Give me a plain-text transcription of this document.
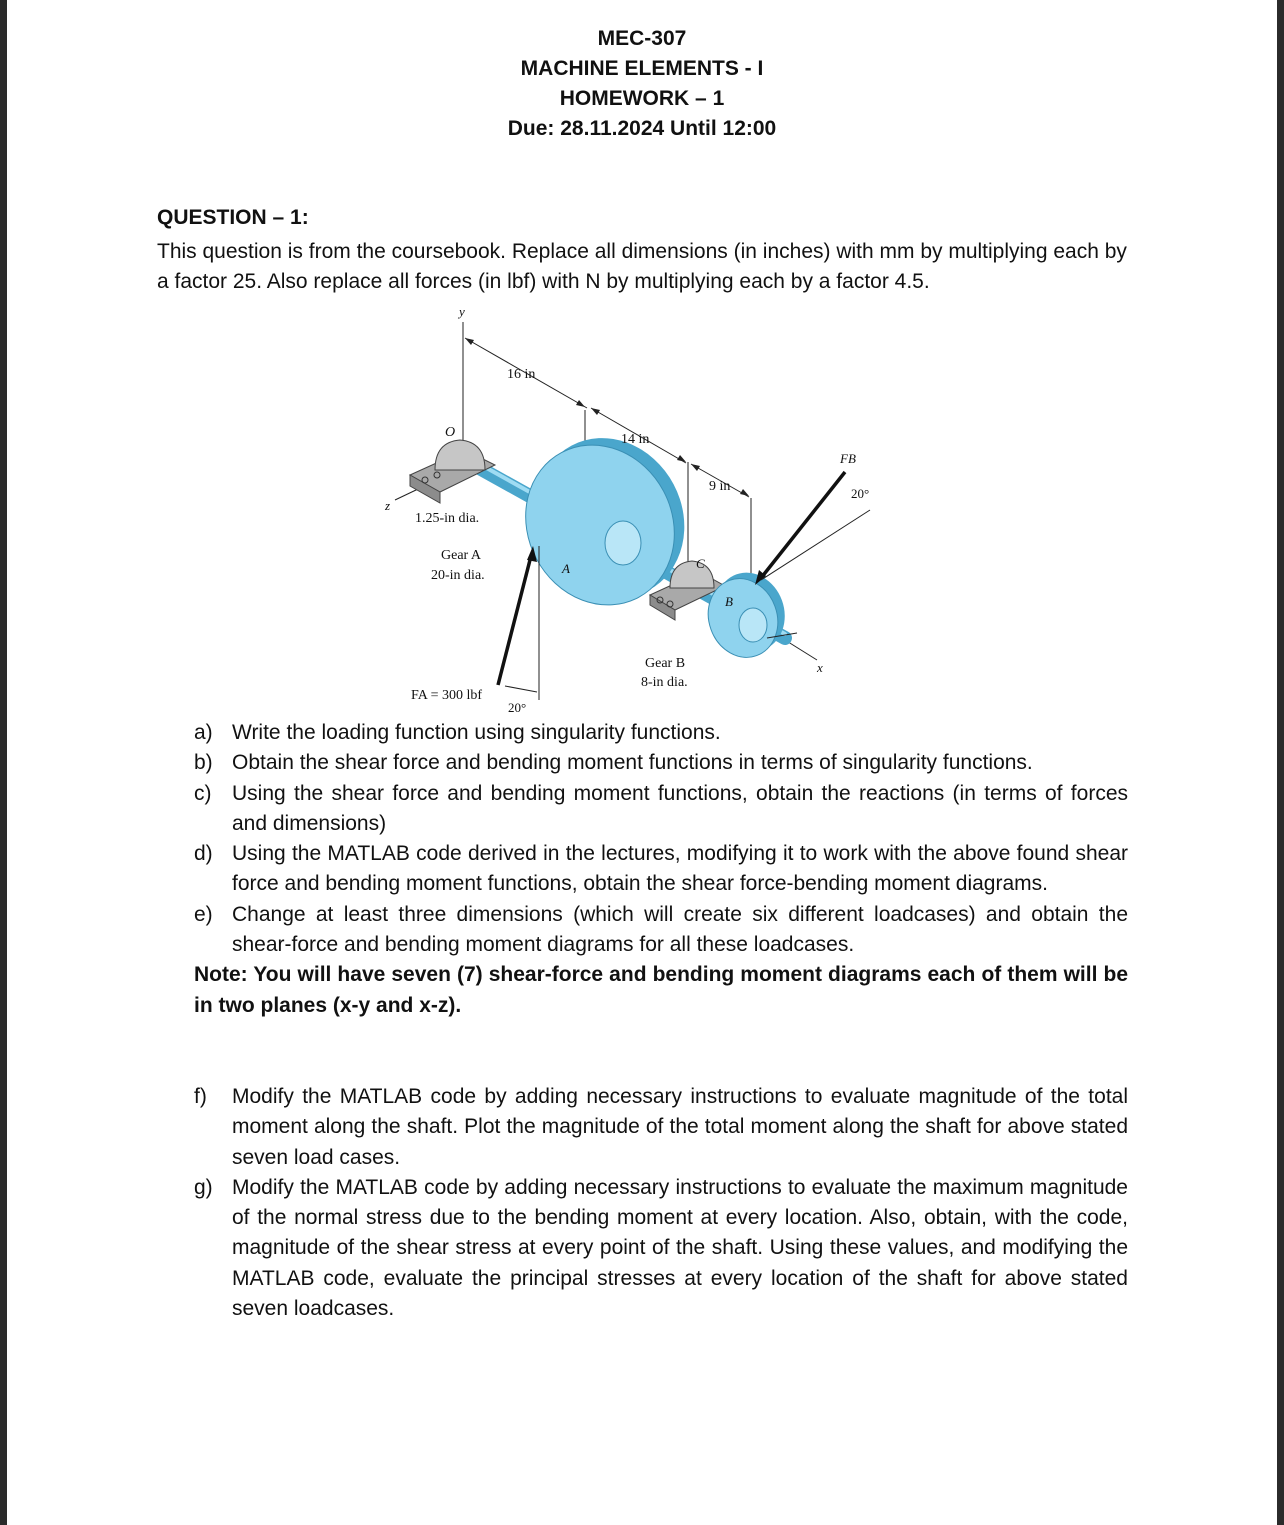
MEC-307
MACHINE ELEMENTS - I
HOMEWORK – 1
Due: 28.11.2024 Until 12:00
QUESTION – 1:
This question is from the coursebook. Replace all dimensions (in inches) with mm by multiplying each by a factor 25. Also replace all forces (in lbf) with N by multiplying each by a factor 4.5.
y
z
x
O
16 in
14 in
9 in
1.25-in dia.
Gear A
20-in dia.	A	C
B
Gear B
8-in dia.
FA = 300 lbf
FB
20°
20°
a) Write the loading function using singularity functions.
b) Obtain the shear force and bending moment functions in terms of singularity functions.
c) Using the shear force and bending moment functions, obtain the reactions (in terms of forces and dimensions)
d) Using the MATLAB code derived in the lectures, modifying it to work with the above found shear force and bending moment functions, obtain the shear force-bending moment diagrams.
e) Change at least three dimensions (which will create six different loadcases) and obtain the shear-force and bending moment diagrams for all these loadcases.
Note: You will have seven (7) shear-force and bending moment diagrams each of them will be in two planes (x-y and x-z).
f)	Modify the MATLAB code by adding necessary instructions to evaluate magnitude of the total moment along the shaft. Plot the magnitude of the total moment along the shaft for above stated seven load cases.
g) Modify the MATLAB code by adding necessary instructions to evaluate the maximum magnitude of the normal stress due to the bending moment at every location. Also, obtain, with the code, magnitude of the shear stress at every point of the shaft. Using these values, and modifying the MATLAB code, evaluate the principal stresses at every location of the shaft for above stated seven loadcases.
